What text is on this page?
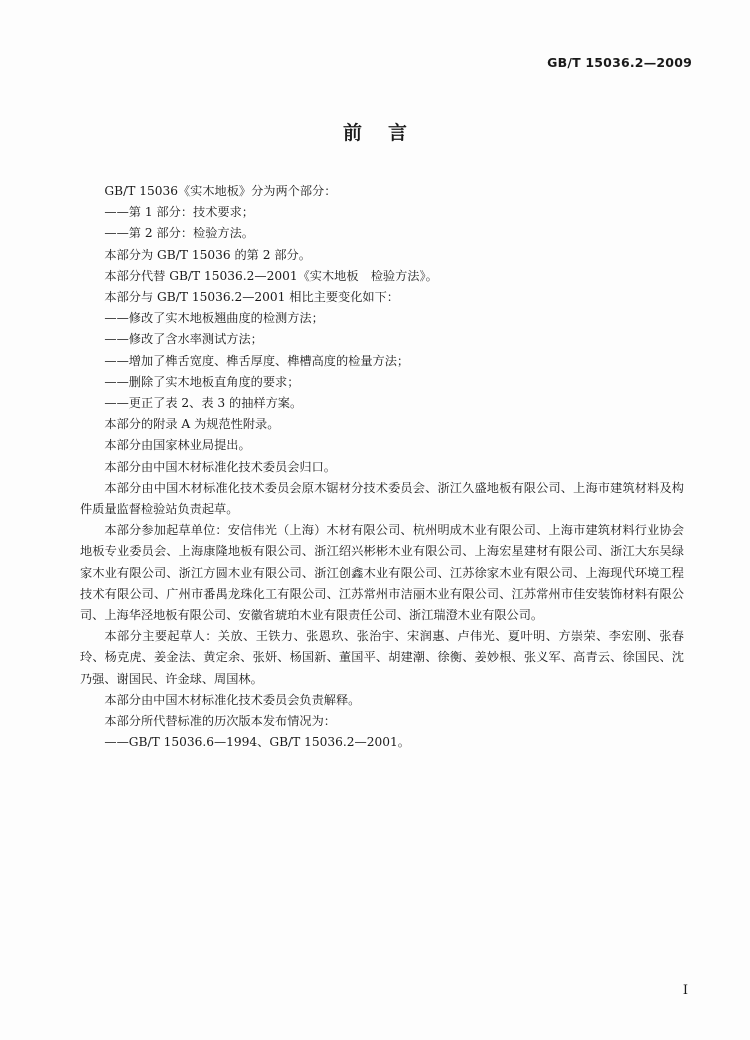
GB/T 15036.2—2009
前言

GB/T 15036《实木地板》分为两个部分：

——第 1 部分：技术要求；

——第 2 部分：检验方法。

本部分为 GB/T 15036 的第 2 部分。

本部分代替 GB/T 15036.2—2001《实木地板　检验方法》。

本部分与 GB/T 15036.2—2001 相比主要变化如下：

——修改了实木地板翘曲度的检测方法；

——修改了含水率测试方法；

——增加了榫舌宽度、榫舌厚度、榫槽高度的检量方法；

——删除了实木地板直角度的要求；

——更正了表 2、表 3 的抽样方案。

本部分的附录 A 为规范性附录。

本部分由国家林业局提出。

本部分由中国木材标准化技术委员会归口。

本部分由中国木材标准化技术委员会原木锯材分技术委员会、浙江久盛地板有限公司、上海市建筑材料及构件质量监督检验站负责起草。

本部分参加起草单位：安信伟光（上海）木材有限公司、杭州明成木业有限公司、上海市建筑材料行业协会地板专业委员会、上海康隆地板有限公司、浙江绍兴彬彬木业有限公司、上海宏星建材有限公司、浙江大东吴绿家木业有限公司、浙江方圆木业有限公司、浙江创鑫木业有限公司、江苏徐家木业有限公司、上海现代环境工程技术有限公司、广州市番禺龙珠化工有限公司、江苏常州市洁丽木业有限公司、江苏常州市佳安装饰材料有限公司、上海华泾地板有限公司、安徽省琥珀木业有限责任公司、浙江瑞澄木业有限公司。

本部分主要起草人：关放、王铁力、张恩玖、张治宇、宋润惠、卢伟光、夏叶明、方崇荣、李宏刚、张春玲、杨克虎、姜金法、黄定余、张妍、杨国新、董国平、胡建潮、徐衡、姜妙根、张义军、高青云、徐国民、沈乃强、谢国民、许金球、周国林。

本部分由中国木材标准化技术委员会负责解释。

本部分所代替标准的历次版本发布情况为：

——GB/T 15036.6—1994、GB/T 15036.2—2001。

I
